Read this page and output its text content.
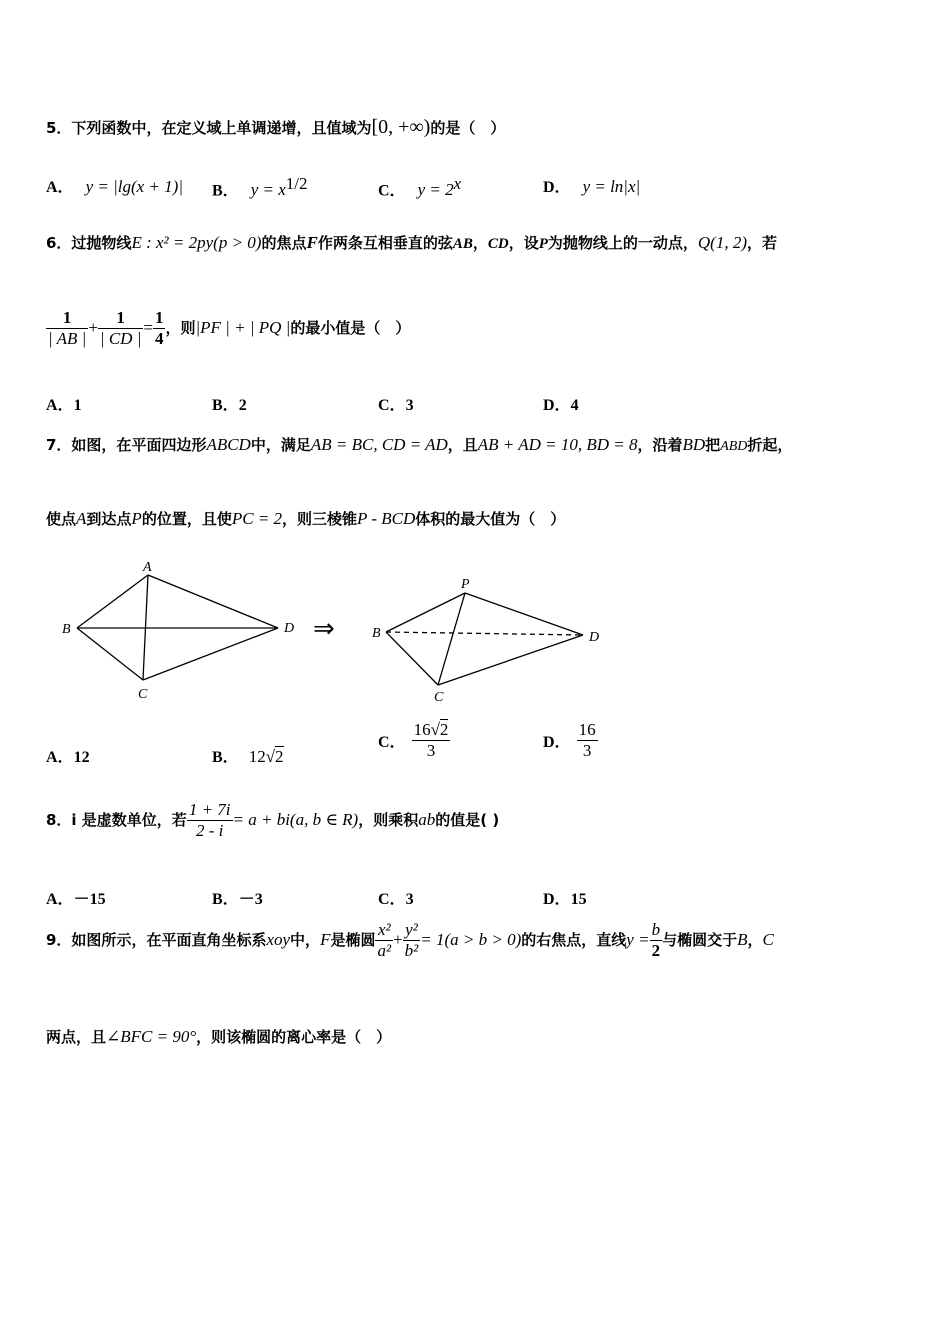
5．下列函数中，在定义域上单调递增，且值域为[0, +∞)的是（　）
A． y = |lg(x + 1)| B． $y = x^{1/2}$	C． $y = 2^x$	D． y = ln|x|
6．过抛物线E : x² = 2py(p > 0)的焦点F作两条互相垂直的弦AB，CD，设P为抛物线上的一动点，Q(1, 2)，若
$\frac{1}{| AB |} + \frac{1}{| CD |} = \frac{1}{4}$ ，则|PF | + | PQ |的最小值是（　）
A．1	B．2	C．3	D．4
7．如图，在平面四边形ABCD中，满足AB = BC, CD = AD，且AB + AD = 10, BD = 8，沿着BD把ABD折起，
使点A到达点P的位置，且使PC = 2，则三棱锥P - BCD体积的最大值为（　）
A
B
C
D ⇒
P
B
C
D
A．12	B． 12√2
C． $\frac{16√2}{3}$	D． $\frac{16}{3}$
8．i 是虚数单位，若 $\frac{1 + 7i}{2 - i} = a + bi(a$, b ∈ R)，则乘积ab的值是( )
A．－15	B．－3	C．3	D．15
9．如图所示，在平面直角坐标系xoy中，F是椭圆 $\frac{\text{x²}}{\text{a²}} + \frac{\text{y²}}{\text{b²}} = 1(a > b > 0)$的右焦点，直线$y = \frac{b}{2}$ 与椭圆交于B，C
两点，且∠BFC = 90°，则该椭圆的离心率是（　）
